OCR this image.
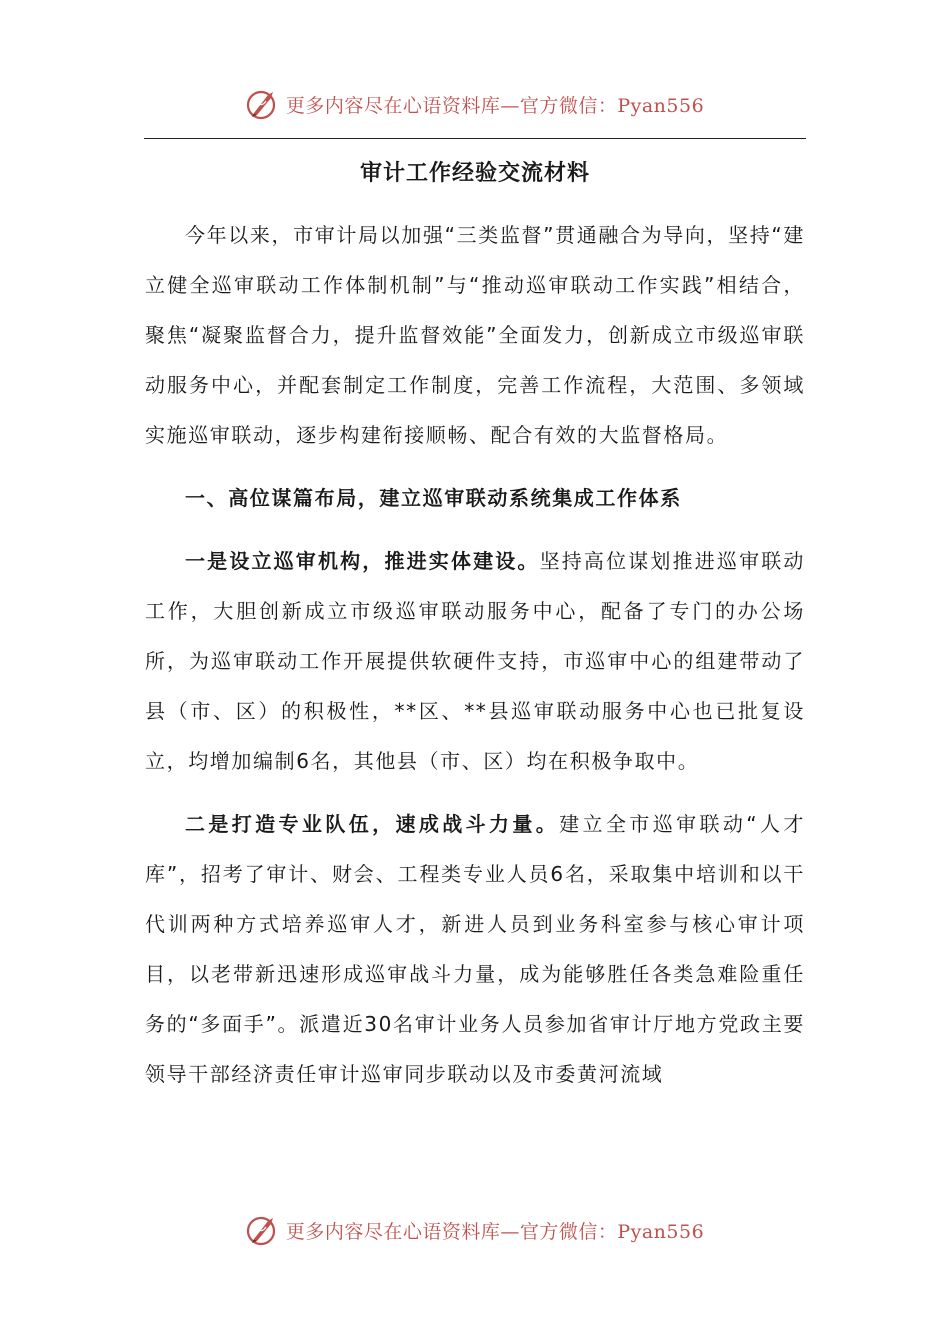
更多内容尽在心语资料库—官方微信：Pyan556
审计工作经验交流材料

今年以来，市审计局以加强“三类监督”贯通融合为导向，坚持“建立健全巡审联动工作体制机制”与“推动巡审联动工作实践”相结合，聚焦“凝聚监督合力，提升监督效能”全面发力，创新成立市级巡审联动服务中心，并配套制定工作制度，完善工作流程，大范围、多领域实施巡审联动，逐步构建衔接顺畅、配合有效的大监督格局。

一、高位谋篇布局，建立巡审联动系统集成工作体系

一是设立巡审机构，推进实体建设。坚持高位谋划推进巡审联动工作，大胆创新成立市级巡审联动服务中心，配备了专门的办公场所，为巡审联动工作开展提供软硬件支持，市巡审中心的组建带动了县（市、区）的积极性，**区、**县巡审联动服务中心也已批复设立，均增加编制6名，其他县（市、区）均在积极争取中。

二是打造专业队伍，速成战斗力量。建立全市巡审联动“人才库”，招考了审计、财会、工程类专业人员6名，采取集中培训和以干代训两种方式培养巡审人才，新进人员到业务科室参与核心审计项目，以老带新迅速形成巡审战斗力量，成为能够胜任各类急难险重任务的“多面手”。派遣近30名审计业务人员参加省审计厅地方党政主要领导干部经济责任审计巡审同步联动以及市委黄河流域

更多内容尽在心语资料库—官方微信：Pyan556
